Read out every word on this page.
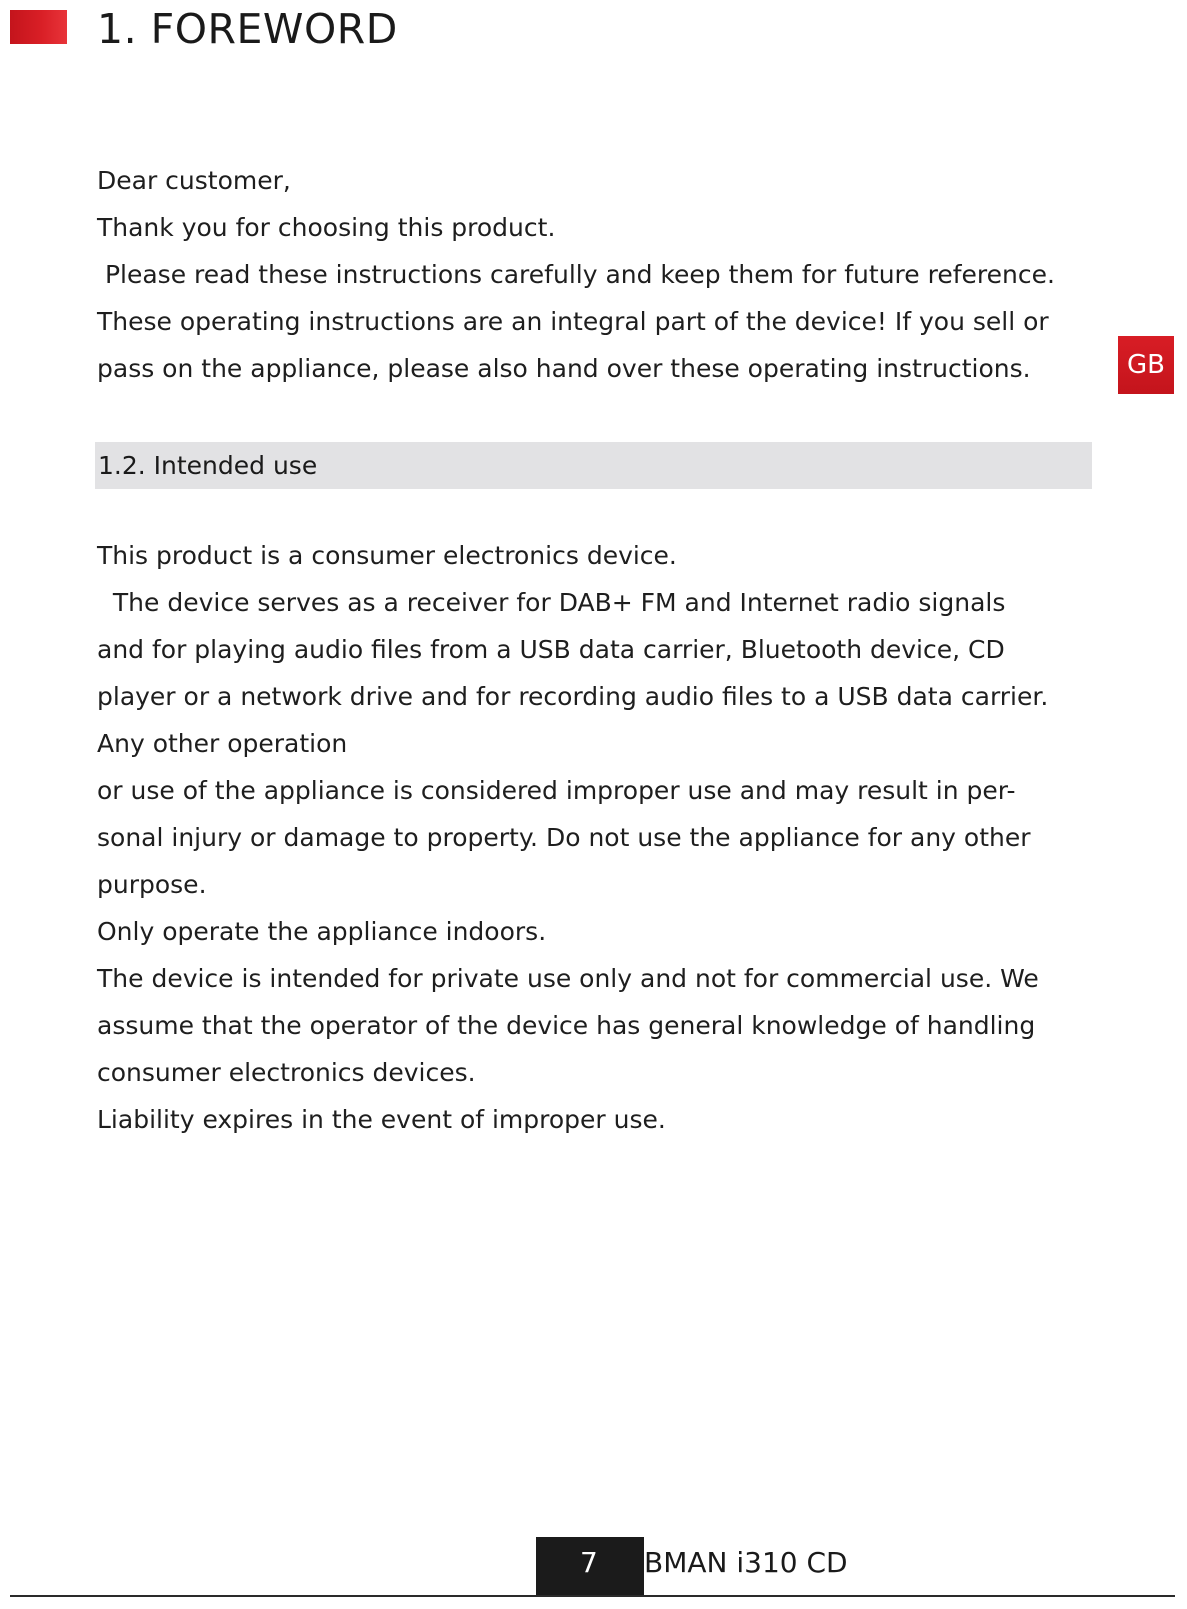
1. FOREWORD
GB
Dear customer,
Thank you for choosing this product.
Please read these instructions carefully and keep them for future reference.
These operating instructions are an integral part of the device! If you sell or
pass on the appliance, please also hand over these operating instructions.
1.2. Intended use
This product is a consumer electronics device.
The device serves as a receiver for DAB+ FM and Internet radio signals
and for playing audio files from a USB data carrier, Bluetooth device, CD
player or a network drive and for recording audio files to a USB data carrier.
Any other operation
or use of the appliance is considered improper use and may result in per-
sonal injury or damage to property. Do not use the appliance for any other
purpose.
Only operate the appliance indoors.
The device is intended for private use only and not for commercial use. We
assume that the operator of the device has general knowledge of handling
consumer electronics devices.
Liability expires in the event of improper use.
BMAN i310 CD
7
